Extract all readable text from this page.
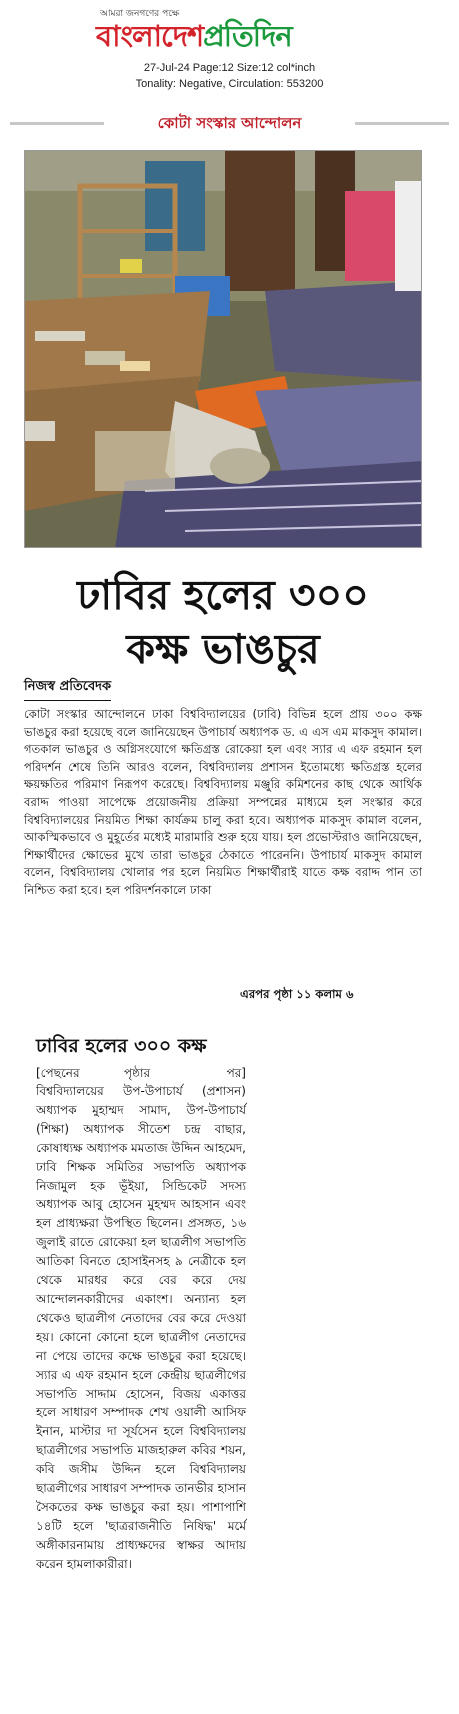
আমরা জনগণের পক্ষে
বাংলাদেশপ্রতিদিন
27-Jul-24 Page:12 Size:12 col*inch
Tonality: Negative, Circulation: 553200
কোটা সংস্কার আন্দোলন
ঢাবির হলের ৩০০
কক্ষ ভাঙচুর
নিজস্ব প্রতিবেদক
কোটা সংস্কার আন্দোলনে ঢাকা বিশ্ববিদ্যালয়ের (ঢাবি) বিভিন্ন হলে প্রায় ৩০০ কক্ষ ভাঙচুর করা হয়েছে বলে জানিয়েছেন উপাচার্য অধ্যাপক ড. এ এস এম মাকসুদ কামাল। গতকাল ভাঙচুর ও অগ্নিসংযোগে ক্ষতিগ্রস্ত রোকেয়া হল এবং স্যার এ এফ রহমান হল পরিদর্শন শেষে তিনি আরও বলেন, বিশ্ববিদ্যালয় প্রশাসন ইতোমধ্যে ক্ষতিগ্রস্ত হলের ক্ষয়ক্ষতির পরিমাণ নিরূপণ করেছে। বিশ্ববিদ্যালয় মঞ্জুরি কমিশনের কাছ থেকে আর্থিক বরাদ্দ পাওয়া সাপেক্ষে প্রয়োজনীয় প্রক্রিয়া সম্পন্নের মাধ্যমে হল সংস্কার করে বিশ্ববিদ্যালয়ের নিয়মিত শিক্ষা কার্যক্রম চালু করা হবে। অধ্যাপক মাকসুদ কামাল বলেন, আকস্মিকভাবে ও মুহূর্তের মধ্যেই মারামারি শুরু হয়ে যায়। হল প্রভোস্টরাও জানিয়েছেন, শিক্ষার্থীদের ক্ষোভের মুখে তারা ভাঙচুর ঠেকাতে পারেননি। উপাচার্য মাকসুদ কামাল বলেন, বিশ্ববিদ্যালয় খোলার পর হলে নিয়মিত শিক্ষার্থীরাই যাতে কক্ষ বরাদ্দ পান তা নিশ্চিত করা হবে। হল পরিদর্শনকালে ঢাকা
এরপর পৃষ্ঠা ১১ কলাম ৬
ঢাবির হলের ৩০০ কক্ষ
[পেছনের	পৃষ্ঠার	পর]
বিশ্ববিদ্যালয়ের উপ-উপাচার্য (প্রশাসন) অধ্যাপক মুহাম্মদ সামাদ, উপ-উপাচার্য (শিক্ষা) অধ্যাপক সীতেশ চন্দ্র বাছার, কোষাধ্যক্ষ অধ্যাপক মমতাজ উদ্দিন আহমেদ, ঢাবি শিক্ষক সমিতির সভাপতি অধ্যাপক নিজামুল হক ভূঁইয়া, সিন্ডিকেট সদস্য অধ্যাপক আবু হোসেন মুহম্মদ আহসান এবং হল প্রাধ্যক্ষরা উপস্থিত ছিলেন। প্রসঙ্গত, ১৬ জুলাই রাতে রোকেয়া হল ছাত্রলীগ সভাপতি আতিকা বিনতে হোসাইনসহ ৯ নেত্রীকে হল থেকে মারধর করে বের করে দেয় আন্দোলনকারীদের একাংশ। অন্যান্য হল থেকেও ছাত্রলীগ নেতাদের বের করে দেওয়া হয়। কোনো কোনো হলে ছাত্রলীগ নেতাদের না পেয়ে তাদের কক্ষে ভাঙচুর করা হয়েছে। স্যার এ এফ রহমান হলে কেন্দ্রীয় ছাত্রলীগের সভাপতি সাদ্দাম হোসেন, বিজয় একাত্তর হলে সাধারণ সম্পাদক শেখ ওয়ালী আসিফ ইনান, মাস্টার দা সূর্যসেন হলে বিশ্ববিদ্যালয় ছাত্রলীগের সভাপতি মাজহারুল কবির শয়ন, কবি জসীম উদ্দিন হলে বিশ্ববিদ্যালয় ছাত্রলীগের সাধারণ সম্পাদক তানভীর হাসান সৈকতের কক্ষ ভাঙচুর করা হয়। পাশাপাশি ১৪টি হলে 'ছাত্ররাজনীতি নিষিদ্ধ' মর্মে অঙ্গীকারনামায় প্রাধ্যক্ষদের স্বাক্ষর আদায় করেন হামলাকারীরা।
